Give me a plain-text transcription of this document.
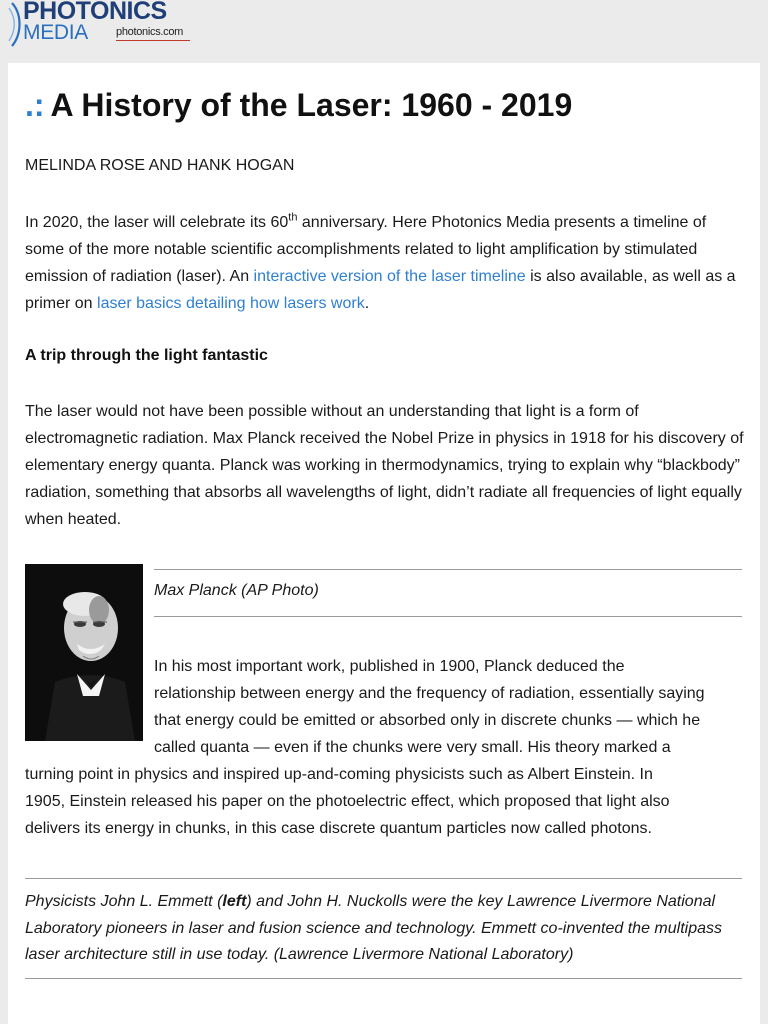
PHOTONICS
MEDIA	photonics.com
.: A History of the Laser: 1960 - 2019
MELINDA ROSE AND HANK HOGAN

In 2020, the laser will celebrate its 60th anniversary. Here Photonics Media presents a timeline of some of the more notable scientific accomplishments related to light amplification by stimulated emission of radiation (laser). An interactive version of the laser timeline is also available, as well as a primer on laser basics detailing how lasers work.

A trip through the light fantastic

The laser would not have been possible without an understanding that light is a form of electromagnetic radiation. Max Planck received the Nobel Prize in physics in 1918 for his discovery of elementary energy quanta. Planck was working in thermodynamics, trying to explain why “blackbody” radiation, something that absorbs all wavelengths of light, didn’t radiate all frequencies of light equally when heated.

Max Planck (AP Photo)
In his most important work, published in 1900, Planck deduced the
relationship between energy and the frequency of radiation, essentially saying
that energy could be emitted or absorbed only in discrete chunks — which he
called quanta — even if the chunks were very small. His theory marked a
turning point in physics and inspired up-and-coming physicists such as Albert Einstein. In
1905, Einstein released his paper on the photoelectric effect, which proposed that light also
delivers its energy in chunks, in this case discrete quantum particles now called photons.
Physicists John L. Emmett (left) and John H. Nuckolls were the key Lawrence Livermore National Laboratory pioneers in laser and fusion science and technology. Emmett co-invented the multipass laser architecture still in use today. (Lawrence Livermore National Laboratory)
